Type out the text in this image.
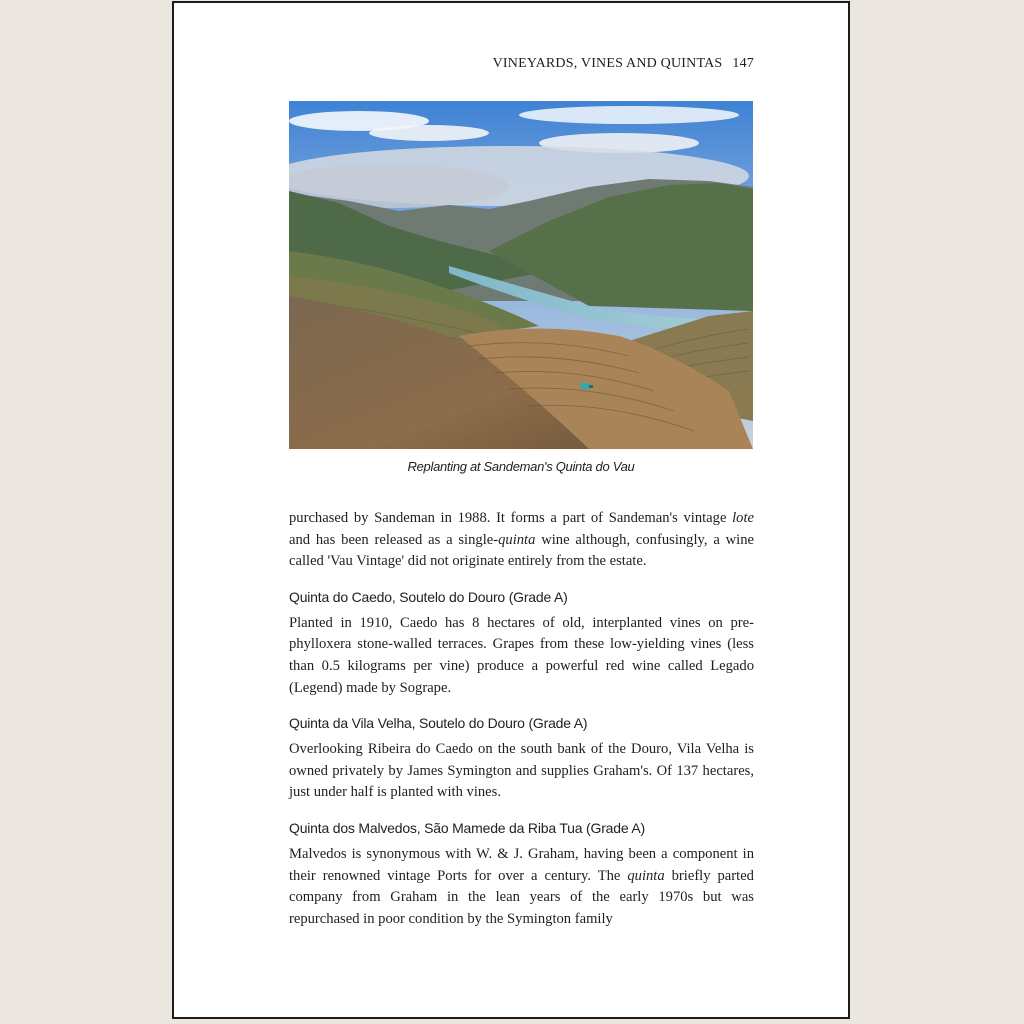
VINEYARDS, VINES AND QUINTAS 147
Replanting at Sandeman's Quinta do Vau

purchased by Sandeman in 1988. It forms a part of Sandeman's vintage lote and has been released as a single-quinta wine although, confusingly, a wine called 'Vau Vintage' did not originate entirely from the estate.

Quinta do Caedo, Soutelo do Douro (Grade A)

Planted in 1910, Caedo has 8 hectares of old, interplanted vines on pre-phylloxera stone-walled terraces. Grapes from these low-yielding vines (less than 0.5 kilograms per vine) produce a powerful red wine called Legado (Legend) made by Sogrape.

Quinta da Vila Velha, Soutelo do Douro (Grade A)

Overlooking Ribeira do Caedo on the south bank of the Douro, Vila Velha is owned privately by James Symington and supplies Graham's. Of 137 hectares, just under half is planted with vines.

Quinta dos Malvedos, São Mamede da Riba Tua (Grade A)

Malvedos is synonymous with W. & J. Graham, having been a component in their renowned vintage Ports for over a century. The quinta briefly parted company from Graham in the lean years of the early 1970s but was repurchased in poor condition by the Symington family
